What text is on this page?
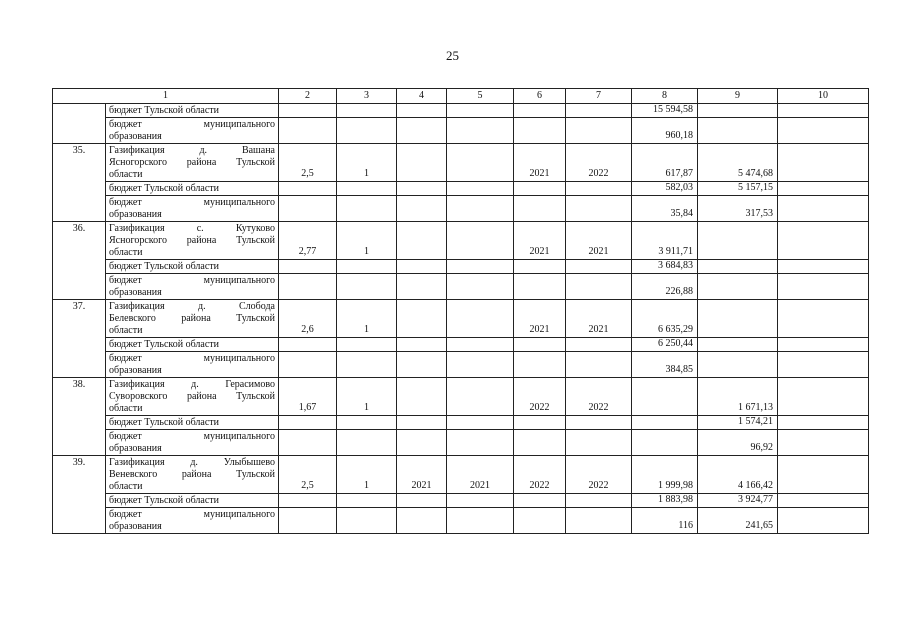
25
1		2	3	4	5	6	7	8	9	10

	бюджет Тульской области							15 594,58		

	бюджет муниципального
образования							960,18		
35.	Газификация д. Вашана
Ясногорского района Тульской
области	2,5	1			2021	2022	617,87	5 474,68	

	бюджет Тульской области							582,03	5 157,15	

	бюджет муниципального
образования							35,84	317,53	
36.	Газификация с. Кутуково
Ясногорского района Тульской
области	2,77	1			2021	2021	3 911,71		

	бюджет Тульской области							3 684,83		

	бюджет муниципального
образования							226,88		
37.	Газификация д. Слобода
Белевского района Тульской
области	2,6	1			2021	2021	6 635,29		

	бюджет Тульской области							6 250,44		

	бюджет муниципального
образования							384,85		
38.	Газификация д. Герасимово
Суворовского района Тульской
области	1,67	1			2022	2022		1 671,13	

	бюджет Тульской области								1 574,21	

	бюджет муниципального
образования								96,92	
39.	Газификация д. Улыбышево
Веневского района Тульской
области	2,5	1	2021	2021	2022	2022	1 999,98	4 166,42	

	бюджет Тульской области							1 883,98	3 924,77	

	бюджет муниципального
образования							116	241,65	
